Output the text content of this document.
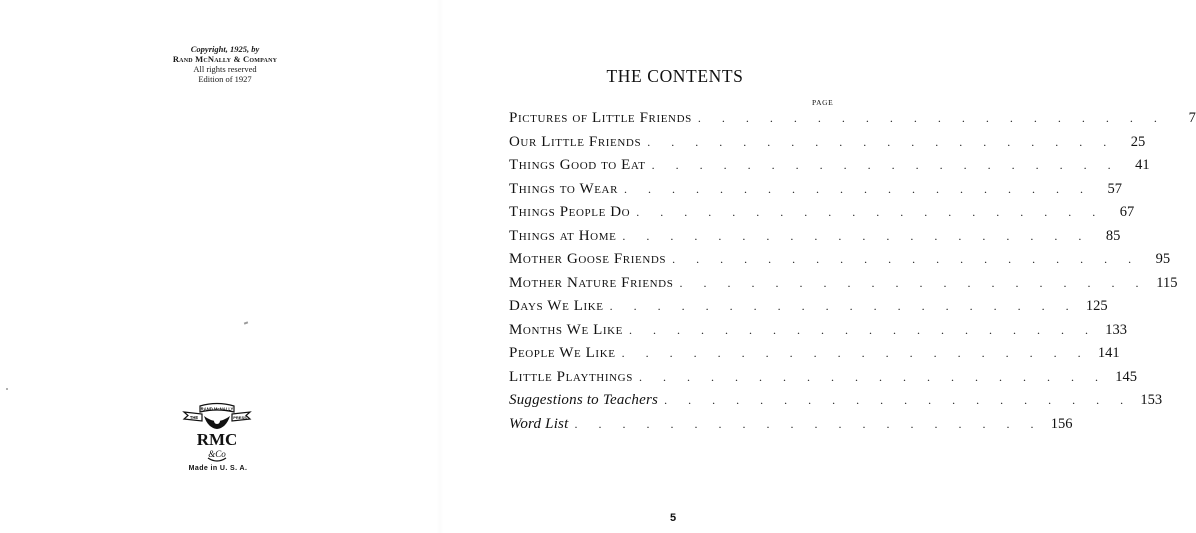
Copyright, 1925, by
Rand McNally & Company
All rights reserved
Edition of 1927
RAND McNALLY
THE	PRESS
RMC
&Co
Made in U. S. A.
THE CONTENTS
PAGE
Pictures of Little Friends . . . . . . . . . . . . . . . . . . . .	7
Our Little Friends . . . . . . . . . . . . . . . . . . . .	25
Things Good to Eat . . . . . . . . . . . . . . . . . . . .	41
Things to Wear . . . . . . . . . . . . . . . . . . . .	57
Things People Do . . . . . . . . . . . . . . . . . . . .	67
Things at Home . . . . . . . . . . . . . . . . . . . .	85
Mother Goose Friends . . . . . . . . . . . . . . . . . . . .	95
Mother Nature Friends . . . . . . . . . . . . . . . . . . . . 115
Days We Like . . . . . . . . . . . . . . . . . . . . 125
Months We Like . . . . . . . . . . . . . . . . . . . . 133
People We Like . . . . . . . . . . . . . . . . . . . . 141
Little Playthings . . . . . . . . . . . . . . . . . . . . 145
Suggestions to Teachers . . . . . . . . . . . . . . . . . . . . 153
Word List . . . . . . . . . . . . . . . . . . . . 156
5
